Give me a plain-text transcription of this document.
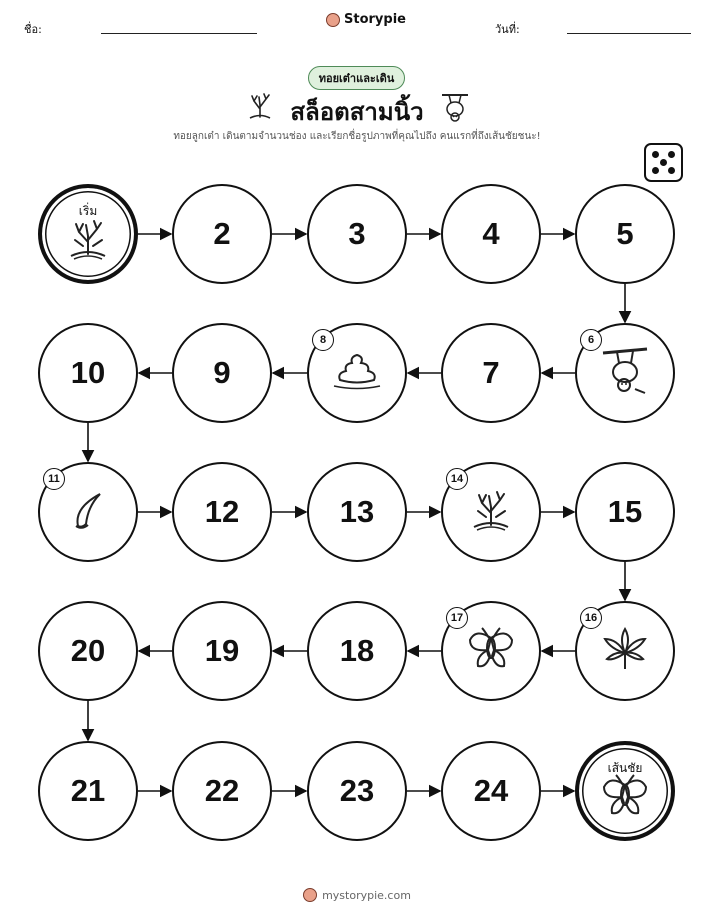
ชื่อ:
Storypie
วันที่:
ทอยเต๋าและเดิน
สล็อตสามนิ้ว
ทอยลูกเต๋า เดินตามจำนวนช่อง และเรียกชื่อรูปภาพที่คุณไปถึง คนแรกที่ถึงเส้นชัยชนะ!
เริ่ม
2	3	4	5
6
7
8
9
10
11
12	13
14
15
16
17
18
19
20
21	22	23	24
เส้นชัย
mystorypie.com
